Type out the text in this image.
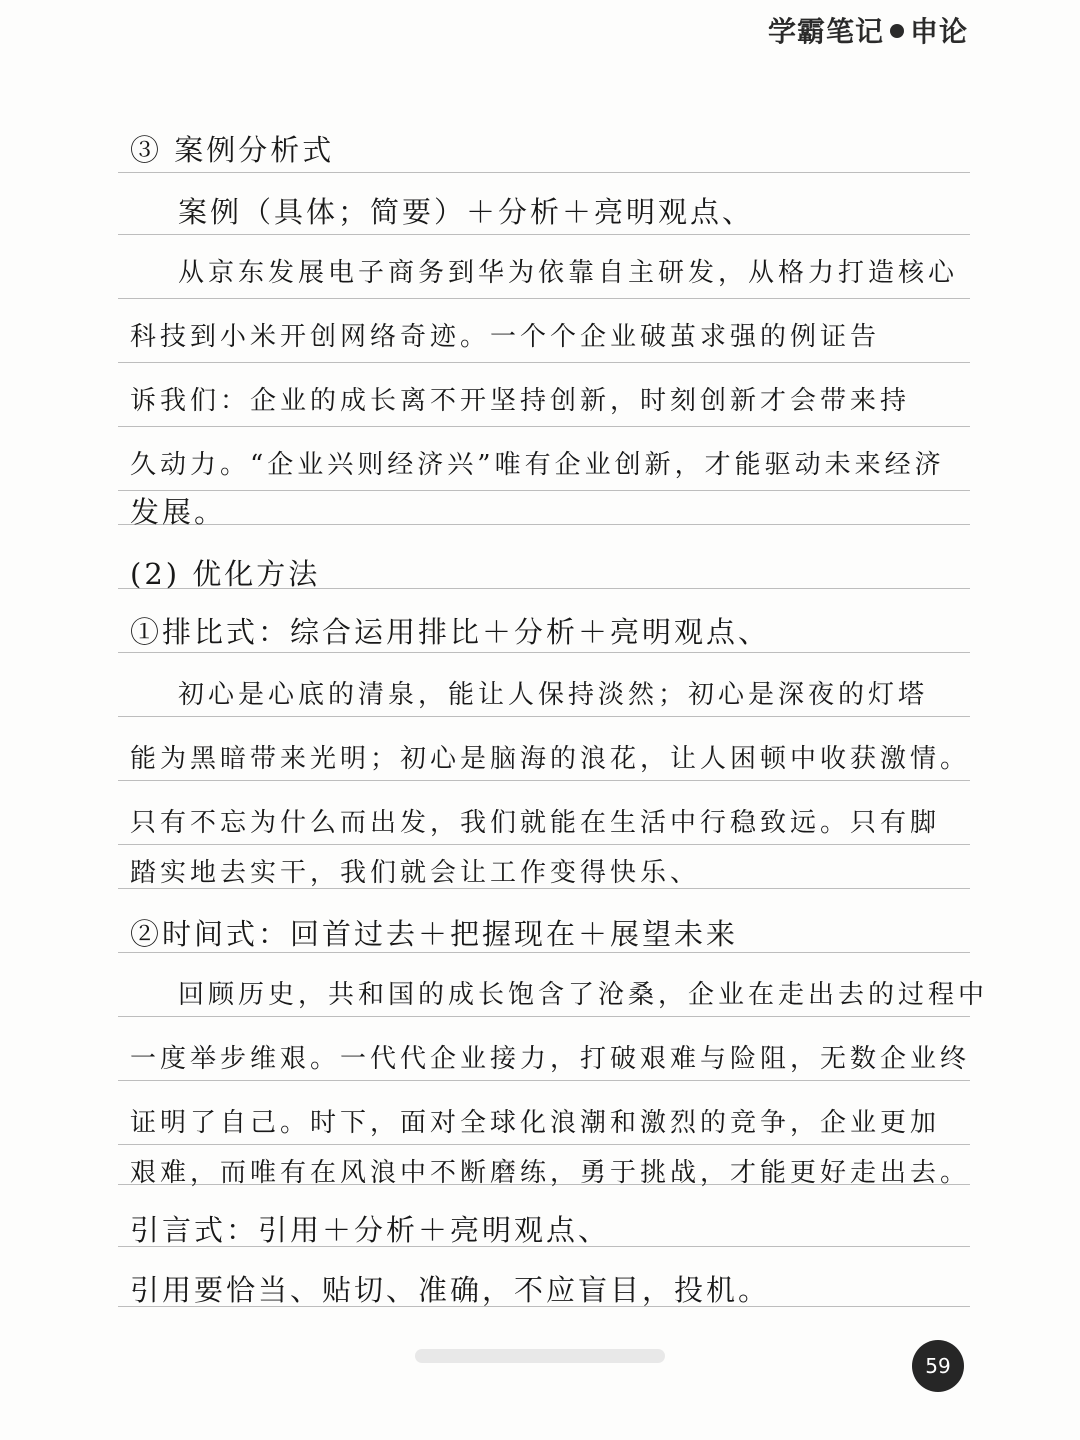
学霸笔记 申论
③ 案例分析式
案例（具体；简要）＋分析＋亮明观点、
从京东发展电子商务到华为依靠自主研发，从格力打造核心
科技到小米开创网络奇迹。一个个企业破茧求强的例证告
诉我们：企业的成长离不开坚持创新，时刻创新才会带来持
久动力。“企业兴则经济兴”唯有企业创新，才能驱动未来经济
发展。
(2) 优化方法
①排比式：综合运用排比＋分析＋亮明观点、
初心是心底的清泉，能让人保持淡然；初心是深夜的灯塔
能为黑暗带来光明；初心是脑海的浪花，让人困顿中收获激情。
只有不忘为什么而出发，我们就能在生活中行稳致远。只有脚
踏实地去实干，我们就会让工作变得快乐、
②时间式：回首过去＋把握现在＋展望未来
回顾历史，共和国的成长饱含了沧桑，企业在走出去的过程中
一度举步维艰。一代代企业接力，打破艰难与险阻，无数企业终
证明了自己。时下，面对全球化浪潮和激烈的竞争，企业更加
艰难，而唯有在风浪中不断磨练，勇于挑战，才能更好走出去。
引言式：引用＋分析＋亮明观点、
引用要恰当、贴切、准确，不应盲目，投机。
59
